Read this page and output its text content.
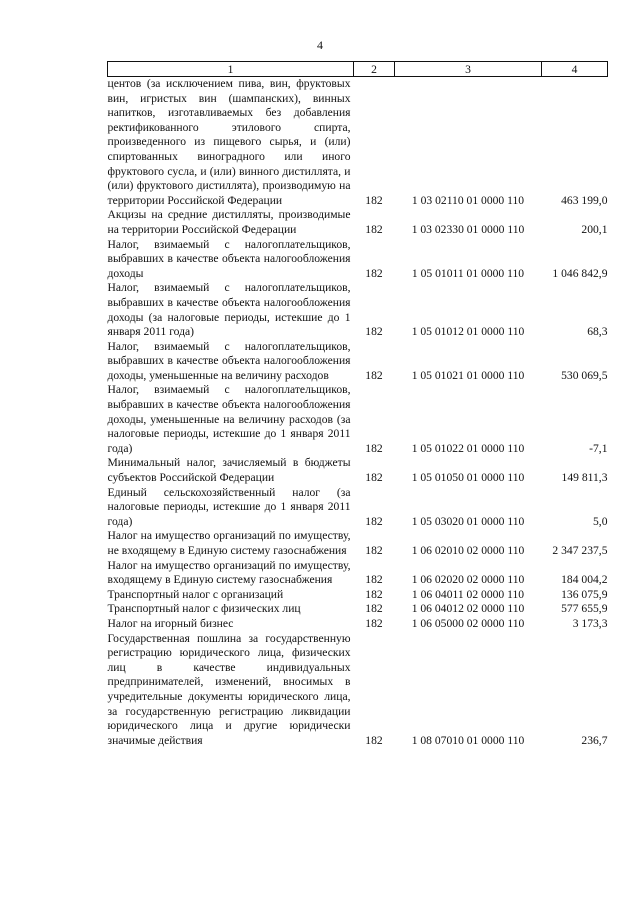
4
1	2	3	4
центов (за исключением пива, вин, фруктовых вин, игристых вин (шампанских), винных напитков, изготавливаемых без добавления ректификованного этилового спирта, произведенного из пищевого сырья, и (или) спиртованных виноградного или иного фруктового сусла, и (или) винного дистиллята, и (или) фруктового дистиллята), производимую на территории Российской Федерации	182	1 03 02110 01 0000 110	463 199,0
Акцизы на средние дистилляты, производимые на территории Российской Федерации	182	1 03 02330 01 0000 110	200,1
Налог, взимаемый с налогоплательщиков, выбравших в качестве объекта налогообложения доходы	182	1 05 01011 01 0000 110	1 046 842,9
Налог, взимаемый с налогоплательщиков, выбравших в качестве объекта налогообложения доходы (за налоговые периоды, истекшие до 1 января 2011 года)	182	1 05 01012 01 0000 110	68,3
Налог, взимаемый с налогоплательщиков, выбравших в качестве объекта налогообложения доходы, уменьшенные на величину расходов	182	1 05 01021 01 0000 110	530 069,5
Налог, взимаемый с налогоплательщиков, выбравших в качестве объекта налогообложения доходы, уменьшенные на величину расходов (за налоговые периоды, истекшие до 1 января 2011 года)	182	1 05 01022 01 0000 110	-7,1
Минимальный налог, зачисляемый в бюджеты субъектов Российской Федерации	182	1 05 01050 01 0000 110	149 811,3
Единый сельскохозяйственный налог (за налоговые периоды, истекшие до 1 января 2011 года)	182	1 05 03020 01 0000 110	5,0
Налог на имущество организаций по имуществу, не входящему в Единую систему газоснабжения	182	1 06 02010 02 0000 110	2 347 237,5
Налог на имущество организаций по имуществу, входящему в Единую систему газоснабжения	182	1 06 02020 02 0000 110	184 004,2
Транспортный налог с организаций	182	1 06 04011 02 0000 110	136 075,9
Транспортный налог с физических лиц	182	1 06 04012 02 0000 110	577 655,9
Налог на игорный бизнес	182	1 06 05000 02 0000 110	3 173,3
Государственная пошлина за государственную регистрацию юридического лица, физических лиц в качестве индивидуальных предпринимателей, изменений, вносимых в учредительные документы юридического лица, за государственную регистрацию ликвидации юридического лица и другие юридически значимые действия	182	1 08 07010 01 0000 110	236,7
